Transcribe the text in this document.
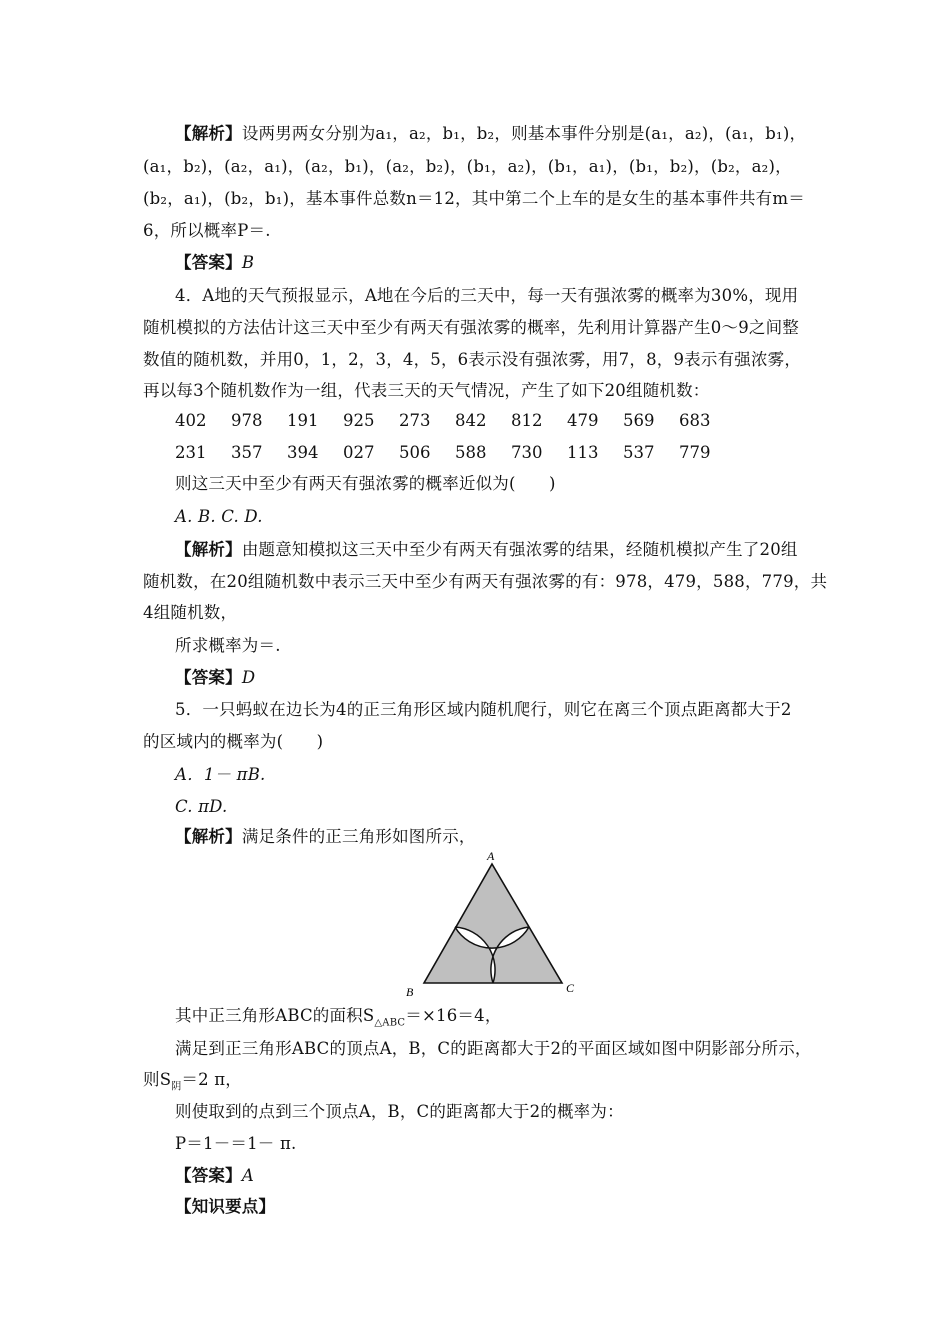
【解析】设两男两女分别为a₁，a₂，b₁，b₂，则基本事件分别是(a₁，a₂)，(a₁，b₁)，
(a₁，b₂)，(a₂，a₁)，(a₂，b₁)，(a₂，b₂)，(b₁，a₂)，(b₁，a₁)，(b₁，b₂)，(b₂，a₂)，
(b₂，a₁)，(b₂，b₁)，基本事件总数n＝12，其中第二个上车的是女生的基本事件共有m＝
6，所以概率P＝.
【答案】B
4．A地的天气预报显示，A地在今后的三天中，每一天有强浓雾的概率为30%，现用
随机模拟的方法估计这三天中至少有两天有强浓雾的概率，先利用计算器产生0～9之间整
数值的随机数，并用0，1，2，3，4，5，6表示没有强浓雾，用7，8，9表示有强浓雾，
再以每3个随机数作为一组，代表三天的天气情况，产生了如下20组随机数：
402	978	191	925	273	842	812	479	569	683
231	357	394	027	506	588	730	113	537	779
则这三天中至少有两天有强浓雾的概率近似为(　　)
A. B. C. D.
【解析】由题意知模拟这三天中至少有两天有强浓雾的结果，经随机模拟产生了20组
随机数，在20组随机数中表示三天中至少有两天有强浓雾的有：978，479，588，779，共
4组随机数，
所求概率为＝.
【答案】D
5．一只蚂蚁在边长为4的正三角形区域内随机爬行，则它在离三个顶点距离都大于2
的区域内的概率为(　　)
A．1－ πB.
C. πD.
【解析】满足条件的正三角形如图所示，
A
B	C
其中正三角形ABC的面积$S_{\triangle ABC}=\times 16=4$，
满足到正三角形ABC的顶点A，B，C的距离都大于2的平面区域如图中阴影部分所示，
则$S_阴=2$ π，
则使取到的点到三个顶点A，B，C的距离都大于2的概率为：
P＝1－＝1－ π.
【答案】A
【知识要点】
